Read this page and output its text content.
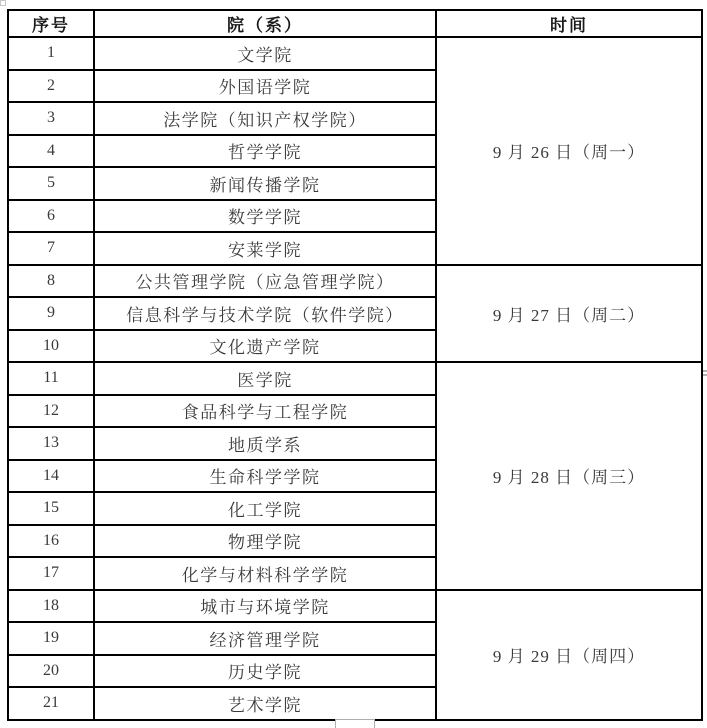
序号	院（系）	时间
1	文学院	9 月 26 日（周一）
2	外国语学院	
3	法学院（知识产权学院）	
4	哲学学院	
5	新闻传播学院	
6	数学学院	
7	安莱学院	
8	公共管理学院（应急管理学院）	9 月 27 日（周二）
9	信息科学与技术学院（软件学院）	
10	文化遗产学院	
11	医学院	9 月 28 日（周三）
12	食品科学与工程学院	
13	地质学系	
14	生命科学学院	
15	化工学院	
16	物理学院	
17	化学与材料科学学院	
18	城市与环境学院	9 月 29 日（周四）
19	经济管理学院	
20	历史学院	
21	艺术学院	
